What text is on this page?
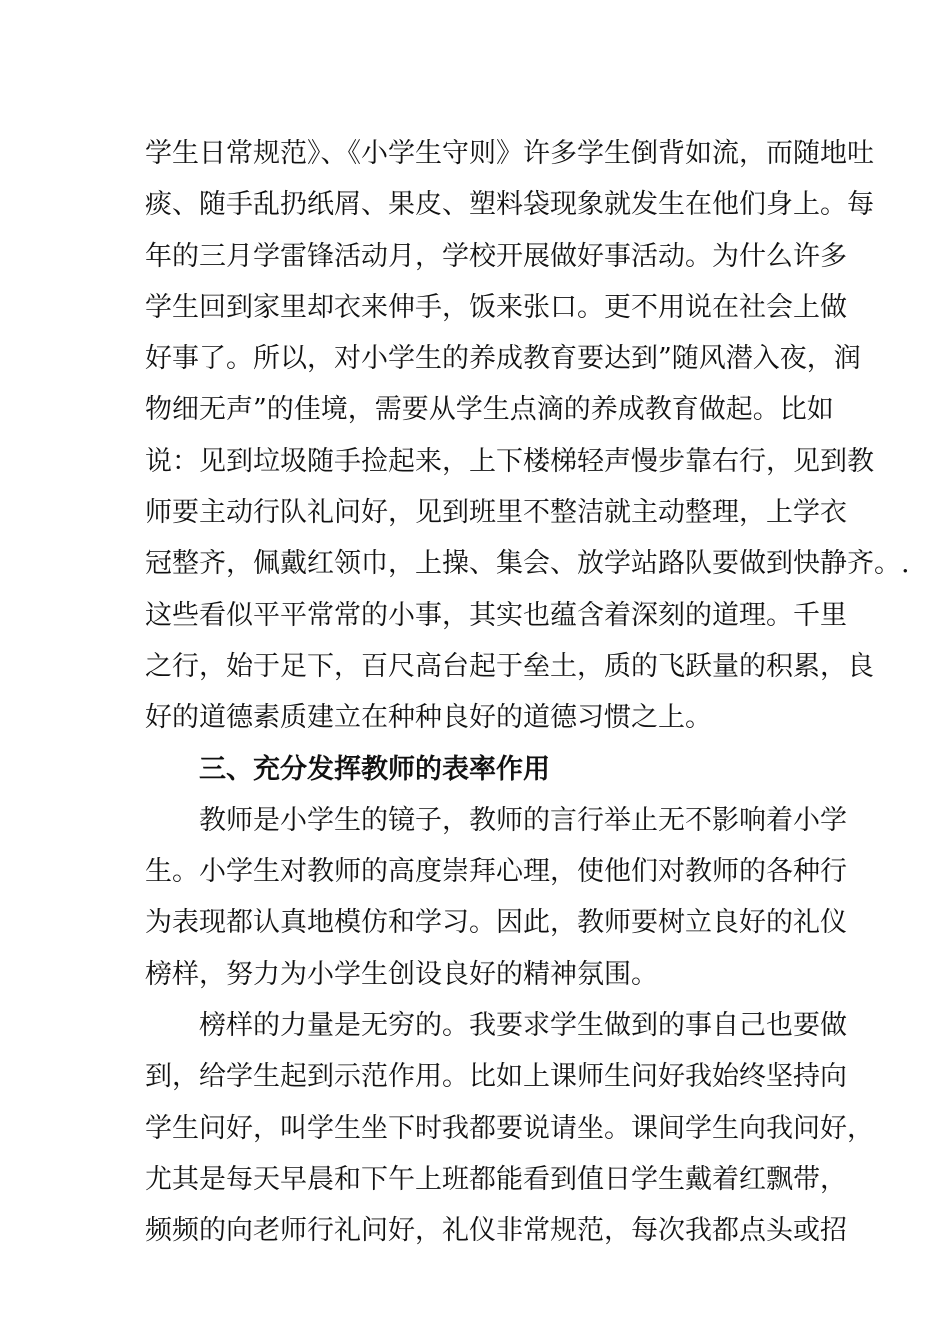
学生日常规范》、《小学生守则》许多学生倒背如流，而随地吐
痰、随手乱扔纸屑、果皮、塑料袋现象就发生在他们身上。每
年的三月学雷锋活动月，学校开展做好事活动。为什么许多
学生回到家里却衣来伸手，饭来张口。更不用说在社会上做
好事了。所以，对小学生的养成教育要达到”随风潜入夜，润
物细无声”的佳境，需要从学生点滴的养成教育做起。比如
说：见到垃圾随手捡起来，上下楼梯轻声慢步靠右行，见到教
师要主动行队礼问好，见到班里不整洁就主动整理，上学衣
冠整齐，佩戴红领巾，上操、集会、放学站路队要做到快静齐。.
这些看似平平常常的小事，其实也蕴含着深刻的道理。千里
之行，始于足下，百尺高台起于垒土，质的飞跃量的积累，良
好的道德素质建立在种种良好的道德习惯之上。
三、充分发挥教师的表率作用
教师是小学生的镜子，教师的言行举止无不影响着小学
生。小学生对教师的高度崇拜心理，使他们对教师的各种行
为表现都认真地模仿和学习。因此，教师要树立良好的礼仪
榜样，努力为小学生创设良好的精神氛围。
榜样的力量是无穷的。我要求学生做到的事自己也要做
到，给学生起到示范作用。比如上课师生问好我始终坚持向
学生问好，叫学生坐下时我都要说请坐。课间学生向我问好，
尤其是每天早晨和下午上班都能看到值日学生戴着红飘带，
频频的向老师行礼问好，礼仪非常规范，每次我都点头或招
